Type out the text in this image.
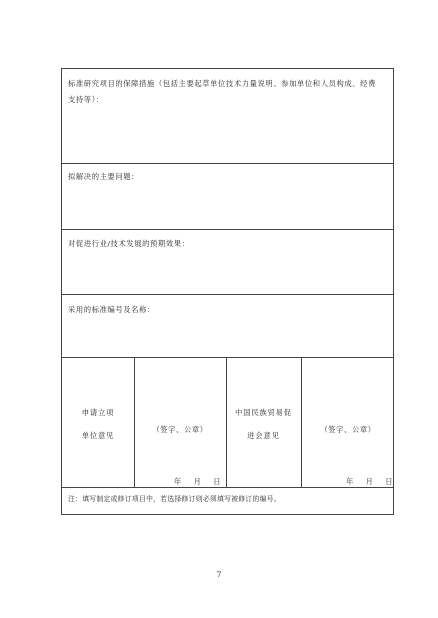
标准研究项目的保障措施（包括主要起草单位技术力量说明、参加单位和人员构成、经费支持等）：
拟解决的主要问题：
对促进行业/技术发展的预期效果：
采用的标准编号及名称：
申请立项
单位意见
（签字、公章）
年 月 日
中国民族贸易促
进会意见
（签字、公章）
年 月 日
注：填写制定或修订项目中，若选择修订则必须填写被修订的编号。
7
